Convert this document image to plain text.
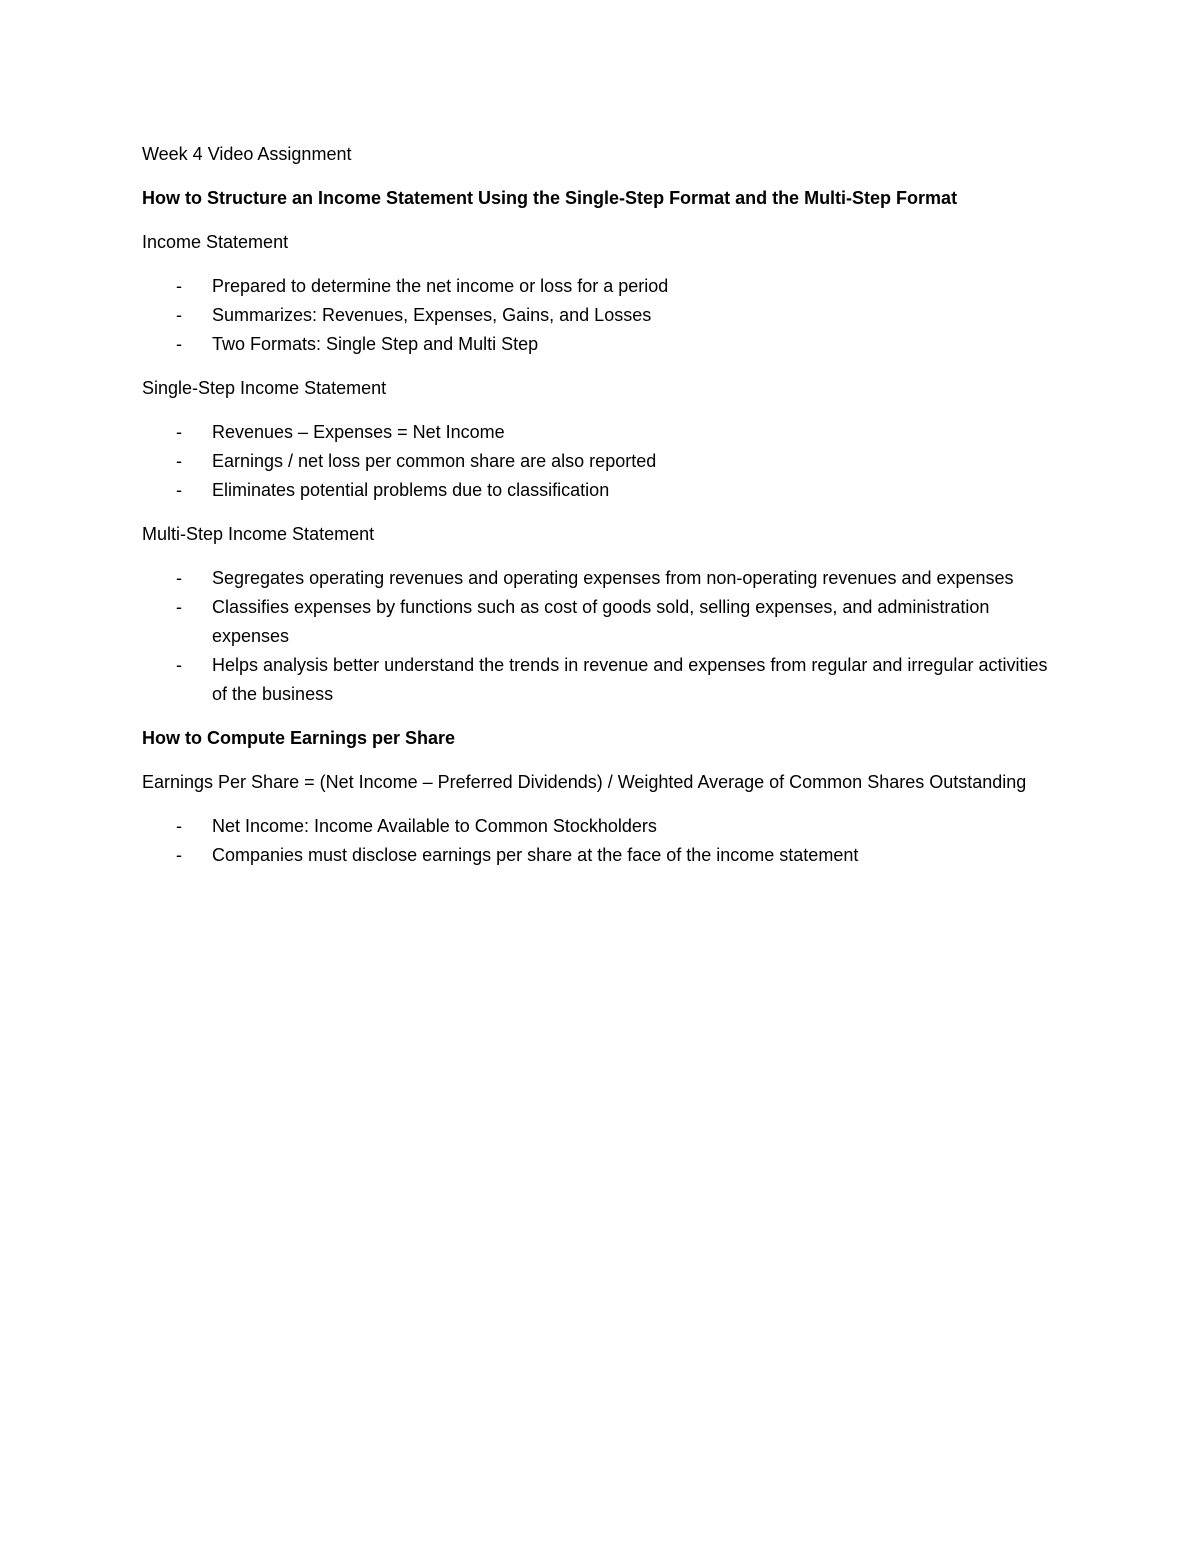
Week 4 Video Assignment

How to Structure an Income Statement Using the Single-Step Format and the Multi-Step Format

Income Statement

- Prepared to determine the net income or loss for a period
- Summarizes: Revenues, Expenses, Gains, and Losses
- Two Formats: Single Step and Multi Step

Single-Step Income Statement

- Revenues – Expenses = Net Income
- Earnings / net loss per common share are also reported
- Eliminates potential problems due to classification

Multi-Step Income Statement

- Segregates operating revenues and operating expenses from non-operating revenues and expenses
- Classifies expenses by functions such as cost of goods sold, selling expenses, and administration expenses
- Helps analysis better understand the trends in revenue and expenses from regular and irregular activities of the business

How to Compute Earnings per Share

Earnings Per Share = (Net Income – Preferred Dividends) / Weighted Average of Common Shares Outstanding

- Net Income: Income Available to Common Stockholders
- Companies must disclose earnings per share at the face of the income statement
